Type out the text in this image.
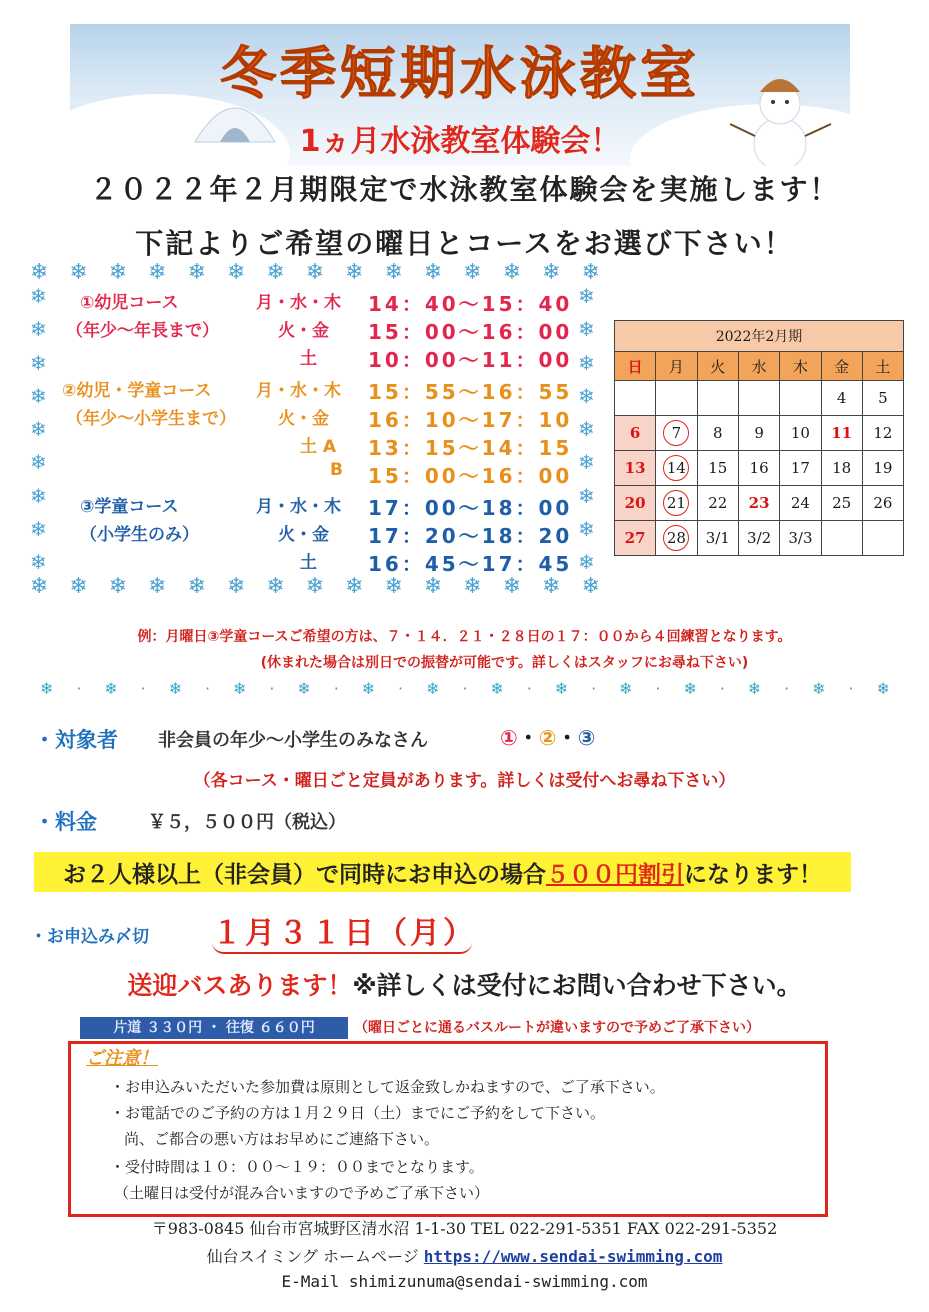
冬季短期水泳教室
1ヵ月水泳教室体験会！
２０２２年２月期限定で水泳教室体験会を実施します！
下記よりご希望の曜日とコースをお選び下さい！
❄ ❄ ❄ ❄ ❄ ❄ ❄ ❄ ❄ ❄ ❄ ❄ ❄ ❄ ❄
❄ ❄ ❄ ❄ ❄ ❄ ❄ ❄ ❄ ❄ ❄ ❄ ❄ ❄ ❄
❄
❄
❄
❄
❄
❄
❄
❄
❄
❄
❄
❄
❄
❄
❄
❄
❄
❄
①幼児コース	月・水・木 14：40～15：40
（年少～年長まで）	火・金 15：00～16：00
土	10：00～11：00
②幼児・学童コース	月・水・木 15：55～16：55
（年少～小学生まで） 火・金 16：10～17：10
土 A 13：15～14：15
B 15：00～16：00
③学童コース	月・水・木 17：00～18：00
（小学生のみ）	火・金 17：20～18：20
土	16：45～17：45
2022年2月期						
日	月	火	水	木	金	土
					4	5
6	7	8	9	10	11	12
13	14	15	16	17	18	19
20	21	22	23	24	25	26
27	28	3/1	3/2	3/3		
例：月曜日③学童コースご希望の方は、７・１４．２１・２８日の１７：００から４回練習となります。
(休まれた場合は別日での振替が可能です。詳しくはスタッフにお尋ね下さい)
❄ · ❄ · ❄ · ❄ · ❄ · ❄ · ❄ · ❄ · ❄ · ❄ · ❄ · ❄ · ❄ · ❄
・対象者 非会員の年少～小学生のみなさん	①・②・③
（各コース・曜日ごと定員があります。詳しくは受付へお尋ね下さい）
・料金	￥５，５００円（税込）
お２人様以上（非会員）で同時にお申込の場合５００円割引になります！
・お申込み〆切 １月３１日（月）
送迎バスあります！※詳しくは受付にお問い合わせ下さい。
片道 ３３０円 ・ 往復 ６６０円	（曜日ごとに通るバスルートが違いますので予めご了承下さい）
ご注意！
・お申込みいただいた参加費は原則として返金致しかねますので、ご了承下さい。
・お電話でのご予約の方は１月２９日（土）までにご予約をして下さい。
尚、ご都合の悪い方はお早めにご連絡下さい。
・受付時間は１０：００～１９：００までとなります。
（土曜日は受付が混み合いますので予めご了承下さい）
〒983-0845 仙台市宮城野区清水沼 1-1-30 TEL 022-291-5351 FAX 022-291-5352
仙台スイミング ホームページ https://www.sendai-swimming.com
E-Mail shimizunuma@sendai-swimming.com
